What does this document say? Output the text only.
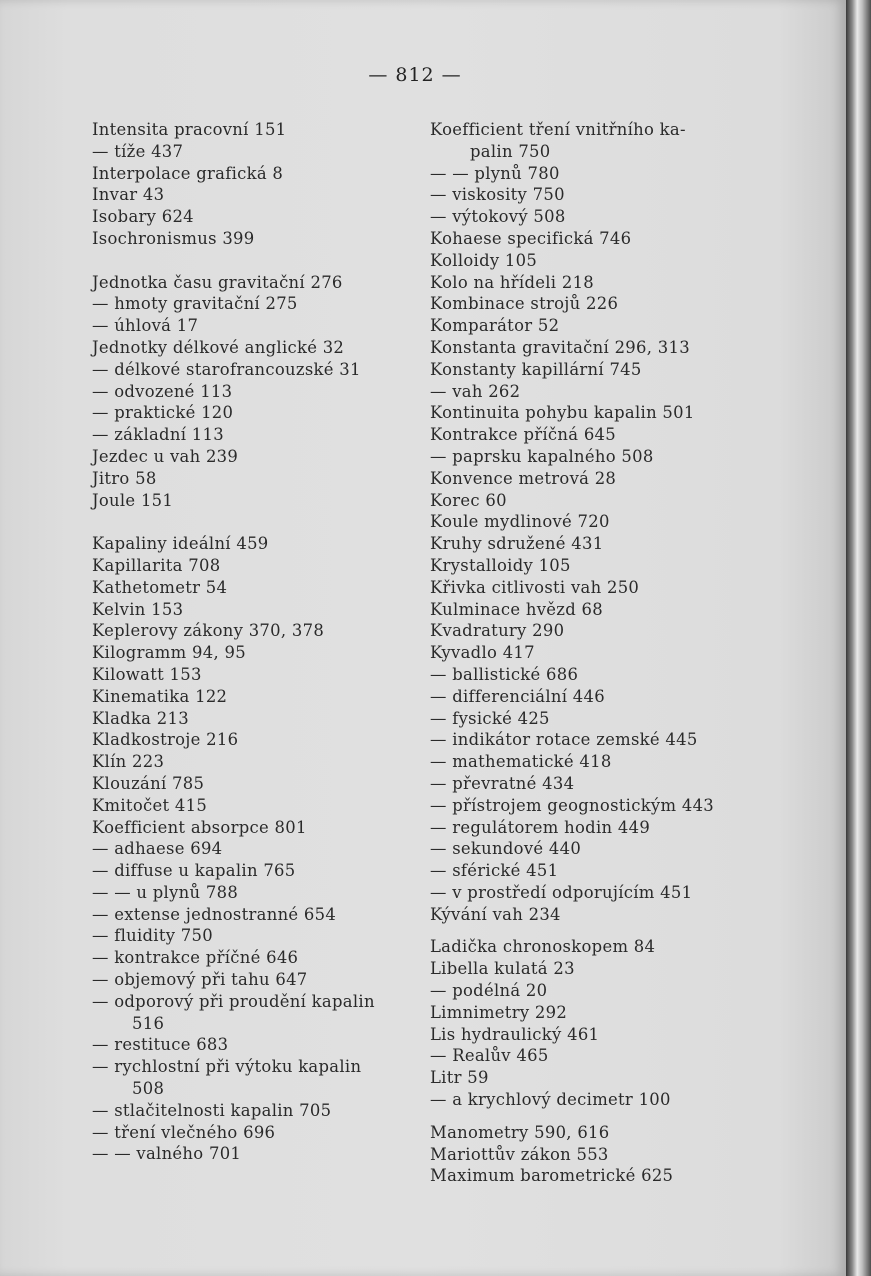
— 812 —
Intensita pracovní 151
— tíže 437
Interpolace grafická 8
Invar 43
Isobary 624
Isochronismus 399
Jednotka času gravitační 276
— hmoty gravitační 275
— úhlová 17
Jednotky délkové anglické 32
— délkové starofrancouzské 31
— odvozené 113
— praktické 120
— základní 113
Jezdec u vah 239
Jitro 58
Joule 151
Kapaliny ideální 459
Kapillarita 708
Kathetometr 54
Kelvin 153
Keplerovy zákony 370, 378
Kilogramm 94, 95
Kilowatt 153
Kinematika 122
Kladka 213
Kladkostroje 216
Klín 223
Klouzání 785
Kmitočet 415
Koefficient absorpce 801
— adhaese 694
— diffuse u kapalin 765
— — u plynů 788
— extense jednostranné 654
— fluidity 750
— kontrakce příčné 646
— objemový při tahu 647
— odporový při proudění kapalin
516
— restituce 683
— rychlostní při výtoku kapalin
508
— stlačitelnosti kapalin 705
— tření vlečného 696
— — valného 701
Koefficient tření vnitřního ka-
palin 750
— — plynů 780
— viskosity 750
— výtokový 508
Kohaese specifická 746
Kolloidy 105
Kolo na hřídeli 218
Kombinace strojů 226
Komparátor 52
Konstanta gravitační 296, 313
Konstanty kapillární 745
— vah 262
Kontinuita pohybu kapalin 501
Kontrakce příčná 645
— paprsku kapalného 508
Konvence metrová 28
Korec 60
Koule mydlinové 720
Kruhy sdružené 431
Krystalloidy 105
Křivka citlivosti vah 250
Kulminace hvězd 68
Kvadratury 290
Kyvadlo 417
— ballistické 686
— differenciální 446
— fysické 425
— indikátor rotace zemské 445
— mathematické 418
— převratné 434
— přístrojem geognostickým 443
— regulátorem hodin 449
— sekundové 440
— sférické 451
— v prostředí odporujícím 451
Kývání vah 234
Ladička chronoskopem 84
Libella kulatá 23
— podélná 20
Limnimetry 292
Lis hydraulický 461
— Realův 465
Litr 59
— a krychlový decimetr 100
Manometry 590, 616
Mariottův zákon 553
Maximum barometrické 625
